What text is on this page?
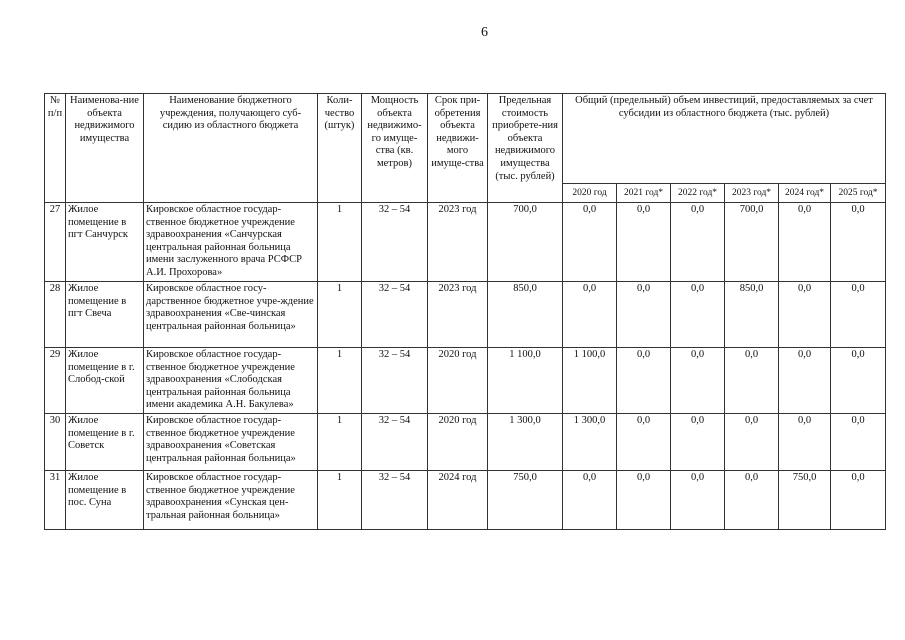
6
№ п/п	Наименова-ние объекта недвижимого имущества	Наименование бюджетного учреждения, получающего суб-сидию из областного бюджета	Коли-чество (штук)	Мощность объекта недвижимо-го имуще-ства (кв. метров)	Срок при-обретения объекта недвижи-мого имуще-ства	Предельная стоимость приобрете-ния объекта недвижимого имущества (тыс. рублей)	Общий (предельный) объем инвестиций, предоставляемых за счет субсидии из областного бюджета (тыс. рублей)					
							2020 год	2021 год*	2022 год*	2023 год*	2024 год*	2025 год*
27	Жилое помещение в пгт Санчурск	Кировское областное государ-ственное бюджетное учреждение здравоохранения «Санчурская центральная районная больница имени заслуженного врача РСФСР А.И. Прохорова»	1	32 – 54	2023 год	700,0	0,0	0,0	0,0	700,0	0,0	0,0
28	Жилое помещение в пгт Свеча	Кировское областное госу-дарственное бюджетное учре-ждение здравоохранения «Све-чинская центральная районная больница»	1	32 – 54	2023 год	850,0	0,0	0,0	0,0	850,0	0,0	0,0
29	Жилое помещение в г. Слобод-ской	Кировское областное государ-ственное бюджетное учреждение здравоохранения «Слободская центральная районная больница имени академика А.Н. Бакулева»	1	32 – 54	2020 год	1 100,0	1 100,0	0,0	0,0	0,0	0,0	0,0
30	Жилое помещение в г. Советск	Кировское областное государ-ственное бюджетное учреждение здравоохранения «Советская центральная районная больница»	1	32 – 54	2020 год	1 300,0	1 300,0	0,0	0,0	0,0	0,0	0,0
31	Жилое помещение в пос. Суна	Кировское областное государ-ственное бюджетное учреждение здравоохранения «Сунская цен-тральная районная больница»	1	32 – 54	2024 год	750,0	0,0	0,0	0,0	0,0	750,0	0,0
